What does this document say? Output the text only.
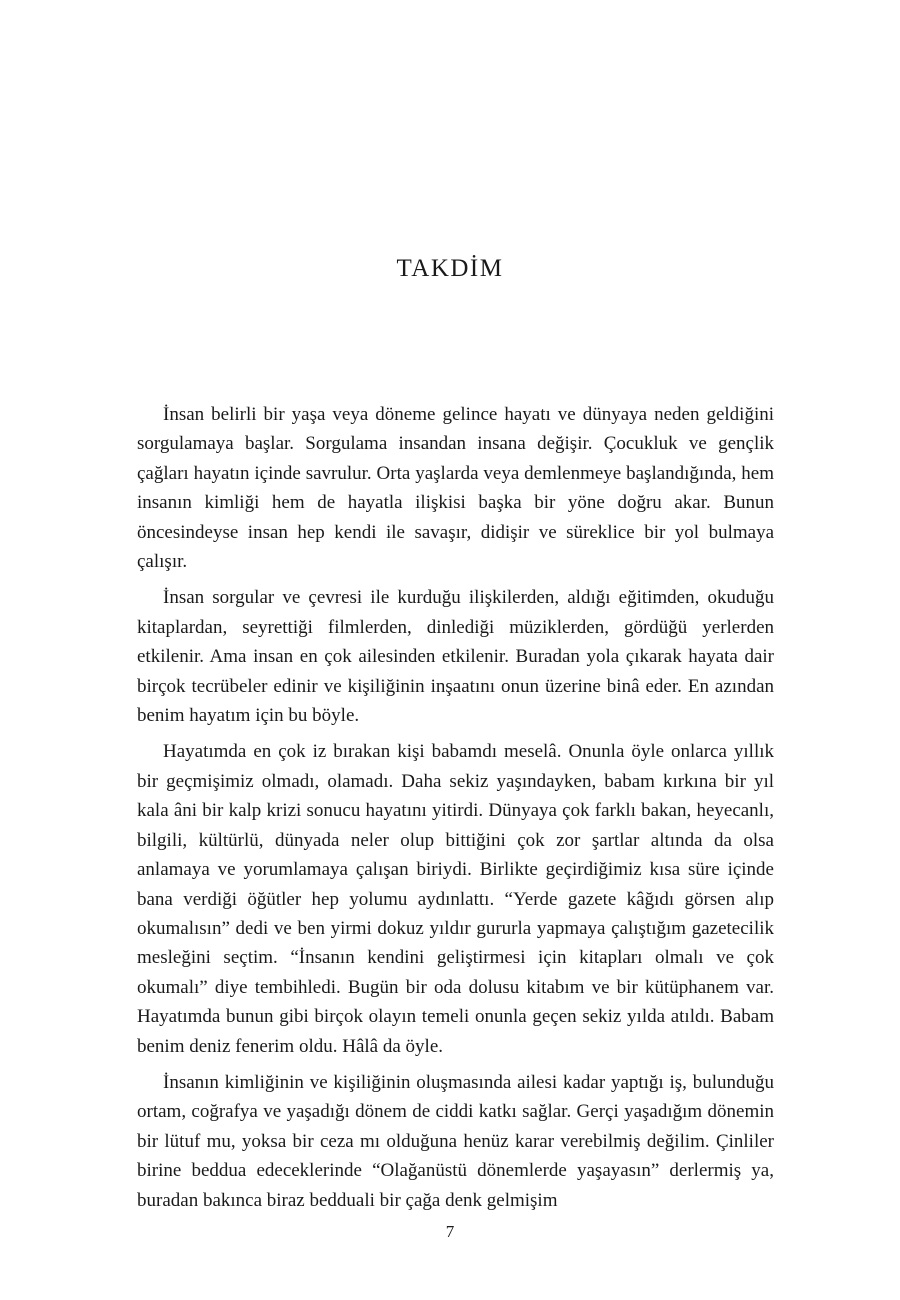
TAKDİM

İnsan belirli bir yaşa veya döneme gelince hayatı ve dünyaya neden geldiğini sorgulamaya başlar. Sorgulama insandan insana değişir. Çocukluk ve gençlik çağları hayatın içinde savrulur. Orta yaşlarda veya demlenmeye başlandığında, hem insanın kimliği hem de hayatla ilişkisi başka bir yöne doğru akar. Bunun öncesindeyse insan hep kendi ile savaşır, didişir ve süreklice bir yol bulmaya çalışır.

İnsan sorgular ve çevresi ile kurduğu ilişkilerden, aldığı eğitimden, okuduğu kitaplardan, seyrettiği filmlerden, dinlediği müziklerden, gördüğü yerlerden etkilenir. Ama insan en çok ailesinden etkilenir. Buradan yola çıkarak hayata dair birçok tecrübeler edinir ve kişiliğinin inşaatını onun üzerine binâ eder. En azından benim hayatım için bu böyle.

Hayatımda en çok iz bırakan kişi babamdı meselâ. Onunla öyle onlarca yıllık bir geçmişimiz olmadı, olamadı. Daha sekiz yaşındayken, babam kırkına bir yıl kala âni bir kalp krizi sonucu hayatını yitirdi. Dünyaya çok farklı bakan, heyecanlı, bilgili, kültürlü, dünyada neler olup bittiğini çok zor şartlar altında da olsa anlamaya ve yorumlamaya çalışan biriydi. Birlikte geçirdiğimiz kısa süre içinde bana verdiği öğütler hep yolumu aydınlattı. “Yerde gazete kâğıdı görsen alıp okumalısın” dedi ve ben yirmi dokuz yıldır gururla yapmaya çalıştığım gazetecilik mesleğini seçtim. “İnsanın kendini geliştirmesi için kitapları olmalı ve çok okumalı” diye tembihledi. Bugün bir oda dolusu kitabım ve bir kütüphanem var. Hayatımda bunun gibi birçok olayın temeli onunla geçen sekiz yılda atıldı. Babam benim deniz fenerim oldu. Hâlâ da öyle.

İnsanın kimliğinin ve kişiliğinin oluşmasında ailesi kadar yaptığı iş, bulunduğu ortam, coğrafya ve yaşadığı dönem de ciddi katkı sağlar. Gerçi yaşadığım dönemin bir lütuf mu, yoksa bir ceza mı olduğuna henüz karar verebilmiş değilim. Çinliler birine beddua edeceklerinde “Olağanüstü dönemlerde yaşayasın” derlermiş ya, buradan bakınca biraz bedduali bir çağa denk gelmişim

7
